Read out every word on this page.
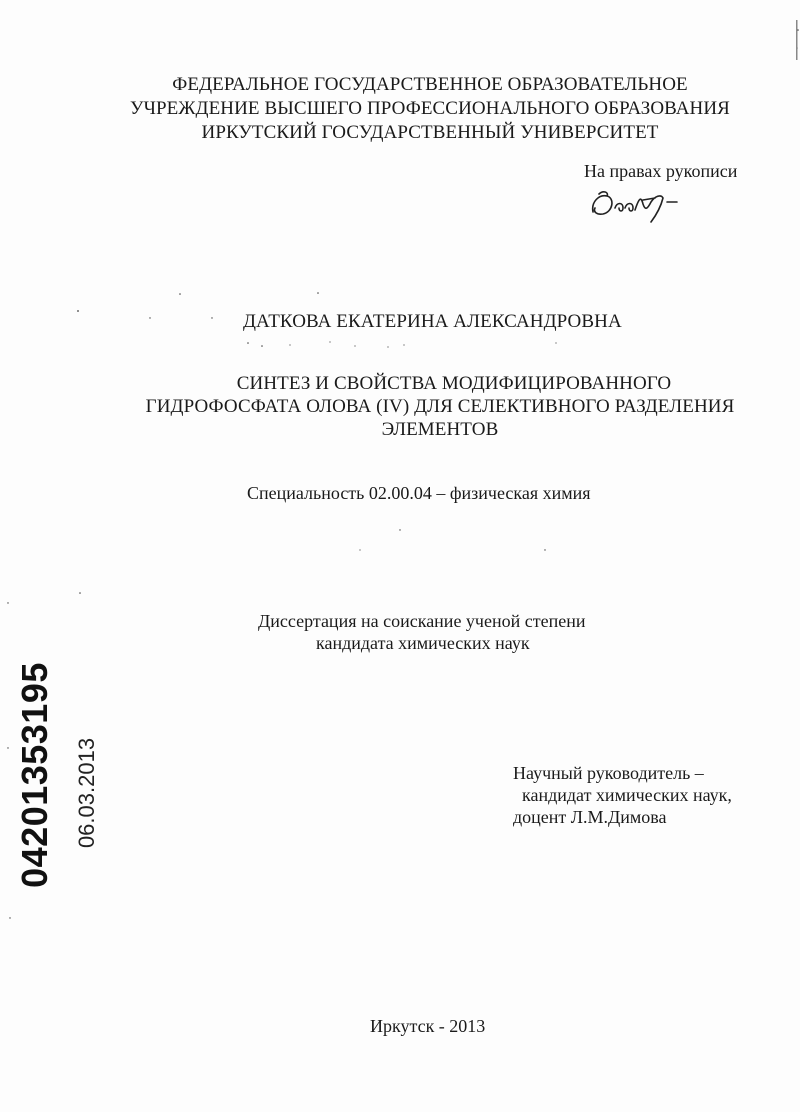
ФЕДЕРАЛЬНОЕ ГОСУДАРСТВЕННОЕ ОБРАЗОВАТЕЛЬНОЕ
УЧРЕЖДЕНИЕ ВЫСШЕГО ПРОФЕССИОНАЛЬНОГО ОБРАЗОВАНИЯ
ИРКУТСКИЙ ГОСУДАРСТВЕННЫЙ УНИВЕРСИТЕТ
На правах рукописи
ДАТКОВА ЕКАТЕРИНА АЛЕКСАНДРОВНА
СИНТЕЗ И СВОЙСТВА МОДИФИЦИРОВАННОГО
ГИДРОФОСФАТА ОЛОВА (IV) ДЛЯ СЕЛЕКТИВНОГО РАЗДЕЛЕНИЯ
ЭЛЕМЕНТОВ
Специальность 02.00.04 – физическая химия
Диссертация на соискание ученой степени
кандидата химических наук
Научный руководитель –
кандидат химических наук,
доцент Л.М.Димова
Иркутск - 2013
04201353195 06.03.2013
